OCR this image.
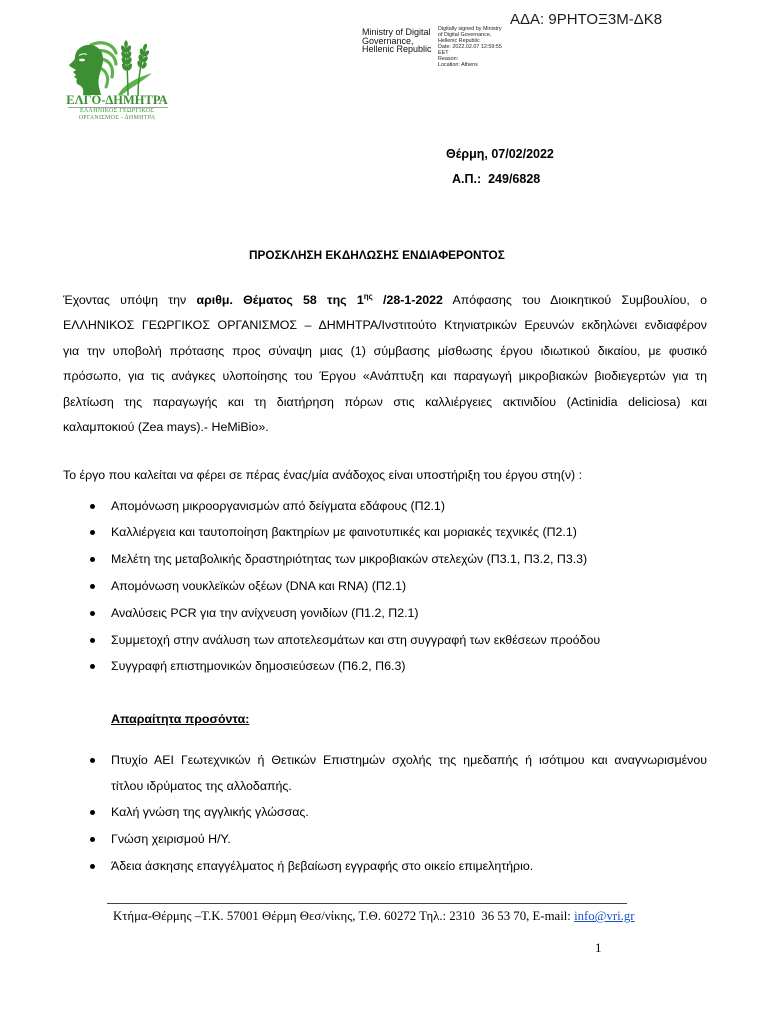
ΑΔΑ: 9ΡΗΤΟΞ3Μ-ΔΚ8
Ministry of Digital
Governance,
Hellenic Republic
Digitally signed by Ministry
of Digital Governance,
Hellenic Republic
Date: 2022.02.07 12:59:55
EET
Reason:
Location: Athens
ΕΛΓΟ-ΔΗΜΗΤΡΑ
ΕΛΛΗΝΙΚΟΣ ΓΕΩΡΓΙΚΟΣ
ΟΡΓΑΝΙΣΜΟΣ - ΔΗΜΗΤΡΑ
Θέρμη, 07/02/2022
Α.Π.:  249/6828
ΠΡΟΣΚΛΗΣΗ ΕΚΔΗΛΩΣΗΣ ΕΝΔΙΑΦΕΡΟΝΤΟΣ
Έχοντας υπόψη την αριθμ. Θέματος 58 της $1^{\eta\varsigma}$ /28-1-2022 Απόφασης του Διοικητικού Συμβουλίου, ο
ΕΛΛΗΝΙΚΟΣ ΓΕΩΡΓΙΚΟΣ ΟΡΓΑΝΙΣΜΟΣ – ΔΗΜΗΤΡΑ/Ινστιτούτο Κτηνιατρικών Ερευνών εκδηλώνει ενδιαφέρον
για την υποβολή πρότασης προς σύναψη μιας (1) σύμβασης μίσθωσης έργου ιδιωτικού δικαίου, με φυσικό
πρόσωπο, για τις ανάγκες υλοποίησης του Έργου «Ανάπτυξη και παραγωγή μικροβιακών βιοδιεγερτών για τη
βελτίωση της παραγωγής και τη διατήρηση πόρων στις καλλιέργειες ακτινιδίου (Actinidia deliciosa) και
καλαμποκιού (Zea mays).- HeMiBio».
Το έργο που καλείται να φέρει σε πέρας ένας/μία ανάδοχος είναι υποστήριξη του έργου στη(ν) :
Απομόνωση μικροοργανισμών από δείγματα εδάφους (Π2.1)
Καλλιέργεια και ταυτοποίηση βακτηρίων με φαινοτυπικές και μοριακές τεχνικές (Π2.1)
Μελέτη της μεταβολικής δραστηριότητας των μικροβιακών στελεχών (Π3.1, Π3.2, Π3.3)
Απομόνωση νουκλεϊκών οξέων (DNA και RNA) (Π2.1)
Αναλύσεις PCR για την ανίχνευση γονιδίων (Π1.2, Π2.1)
Συμμετοχή στην ανάλυση των αποτελεσμάτων και στη συγγραφή των εκθέσεων προόδου
Συγγραφή επιστημονικών δημοσιεύσεων (Π6.2, Π6.3)
Απαραίτητα προσόντα:
Πτυχίο ΑΕΙ Γεωτεχνικών ή Θετικών Επιστημών σχολής της ημεδαπής ή ισότιμου και αναγνωρισμένου
τίτλου ιδρύματος της αλλοδαπής.
Καλή γνώση της αγγλικής γλώσσας.
Γνώση χειρισμού Η/Υ.
Άδεια άσκησης επαγγέλματος ή βεβαίωση εγγραφής στο οικείο επιμελητήριο.
Κτήμα-Θέρμης –Τ.Κ. 57001 Θέρμη Θεσ/νίκης, Τ.Θ. 60272 Τηλ.: 2310  36 53 70, E-mail: info@vri.gr
1
